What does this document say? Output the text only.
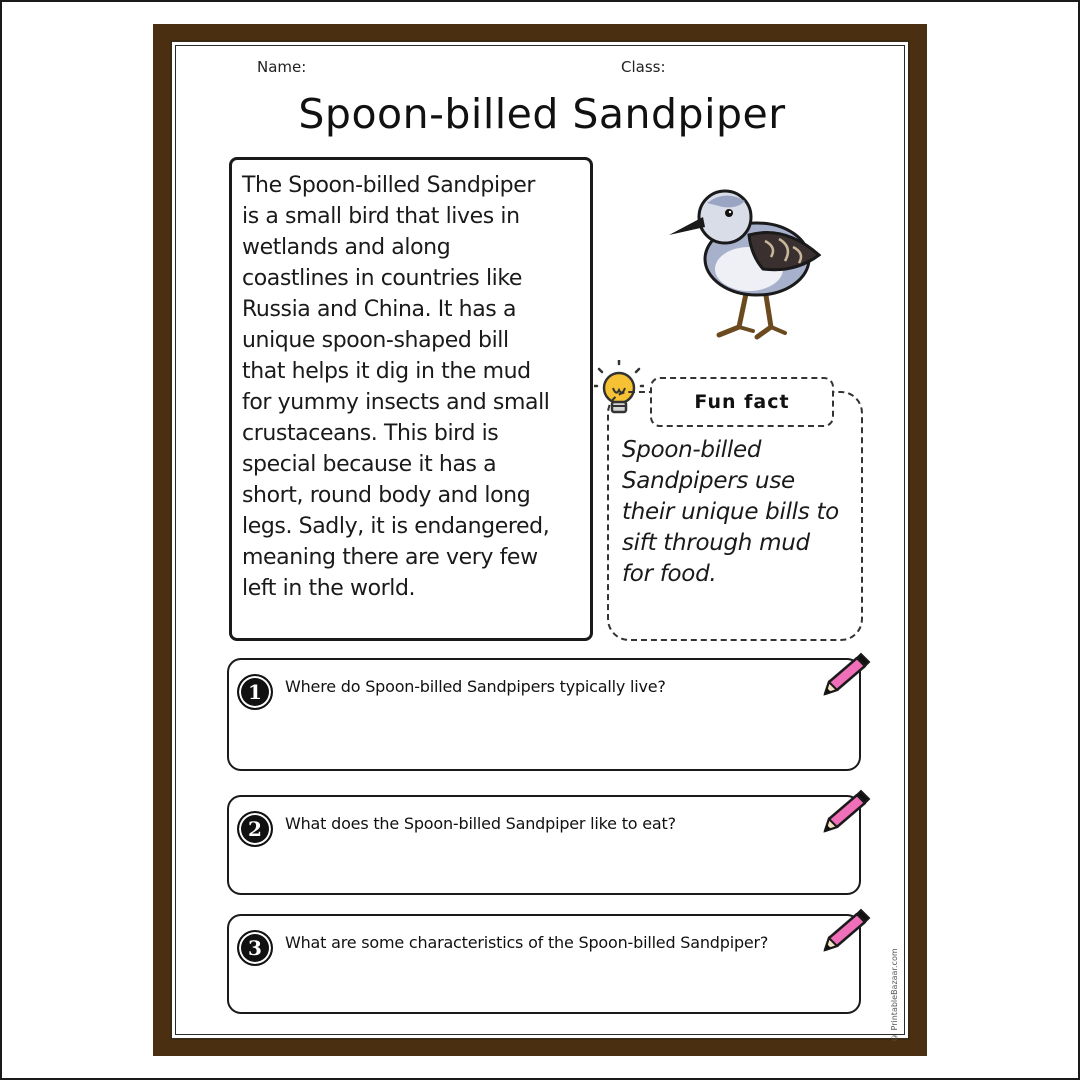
Name:	Class:
Spoon-billed Sandpiper
The Spoon-billed Sandpiper
is a small bird that lives in
wetlands and along
coastlines in countries like
Russia and China. It has a
unique spoon-shaped bill
that helps it dig in the mud
for yummy insects and small
crustaceans. This bird is
special because it has a
short, round body and long
legs. Sadly, it is endangered,
meaning there are very few
left in the world.
Fun fact
Spoon-billed
Sandpipers use
their unique bills to
sift through mud
for food.
1	Where do Spoon-billed Sandpipers typically live?
2	What does the Spoon-billed Sandpiper like to eat?
3	What are some characteristics of the Spoon-billed Sandpiper?
© PrintableBazaar.com
